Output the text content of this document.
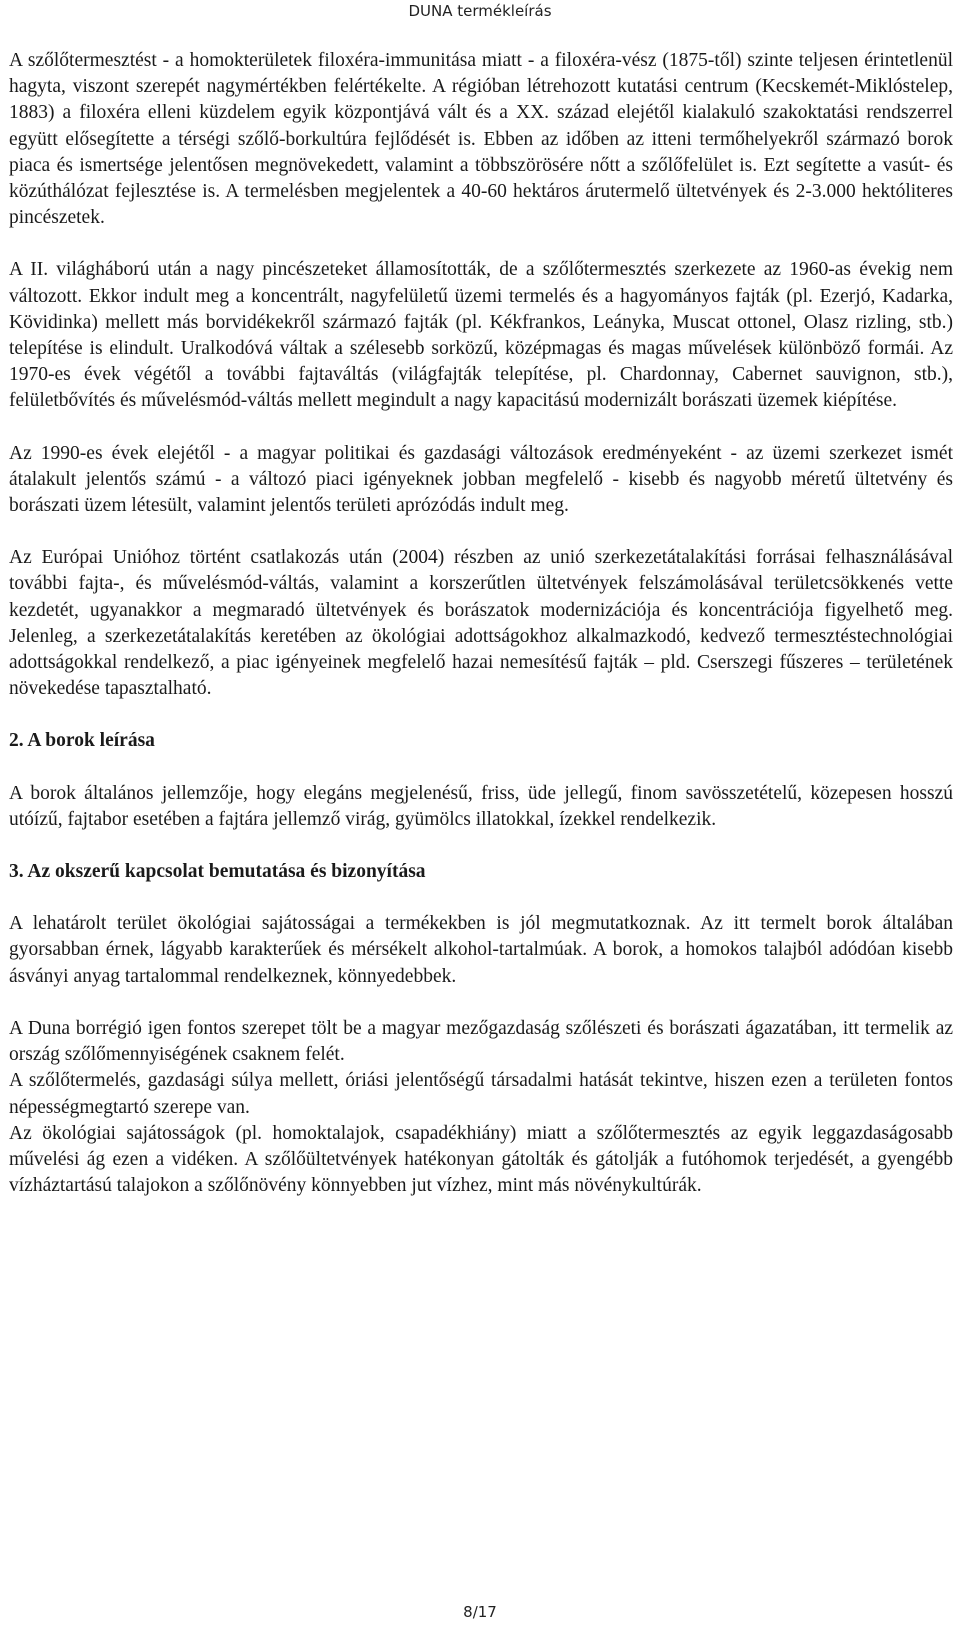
DUNA termékleírás

A szőlőtermesztést - a homokterületek filoxéra-immunitása miatt - a filoxéra-vész (1875-től) szinte teljesen érintetlenül hagyta, viszont szerepét nagymértékben felértékelte. A régióban létrehozott kutatási centrum (Kecskemét-Miklóstelep, 1883) a filoxéra elleni küzdelem egyik központjává vált és a XX. század elejétől kialakuló szakoktatási rendszerrel együtt elősegítette a térségi szőlő-borkultúra fejlődését is. Ebben az időben az itteni termőhelyekről származó borok piaca és ismertsége jelentősen megnövekedett, valamint a többszörösére nőtt a szőlőfelület is. Ezt segítette a vasút- és közúthálózat fejlesztése is. A termelésben megjelentek a 40-60 hektáros árutermelő ültetvények és 2-3.000 hektóliteres pincészetek.

A II. világháború után a nagy pincészeteket államosították, de a szőlőtermesztés szerkezete az 1960-as évekig nem változott. Ekkor indult meg a koncentrált, nagyfelületű üzemi termelés és a hagyományos fajták (pl. Ezerjó, Kadarka, Kövidinka) mellett más borvidékekről származó fajták (pl. Kékfrankos, Leányka, Muscat ottonel, Olasz rizling, stb.) telepítése is elindult. Uralkodóvá váltak a szélesebb sorközű, középmagas és magas művelések különböző formái. Az 1970-es évek végétől a további fajtaváltás (világfajták telepítése, pl. Chardonnay, Cabernet sauvignon, stb.), felületbővítés és művelésmód-váltás mellett megindult a nagy kapacitású modernizált borászati üzemek kiépítése.

Az 1990-es évek elejétől - a magyar politikai és gazdasági változások eredményeként - az üzemi szerkezet ismét átalakult jelentős számú - a változó piaci igényeknek jobban megfelelő - kisebb és nagyobb méretű ültetvény és borászati üzem létesült, valamint jelentős területi aprózódás indult meg.

Az Európai Unióhoz történt csatlakozás után (2004) részben az unió szerkezetátalakítási forrásai felhasználásával további fajta-, és művelésmód-váltás, valamint a korszerűtlen ültetvények felszámolásával területcsökkenés vette kezdetét, ugyanakkor a megmaradó ültetvények és borászatok modernizációja és koncentrációja figyelhető meg. Jelenleg, a szerkezetátalakítás keretében az ökológiai adottságokhoz alkalmazkodó, kedvező termesztéstechnológiai adottságokkal rendelkező, a piac igényeinek megfelelő hazai nemesítésű fajták – pld. Cserszegi fűszeres – területének növekedése tapasztalható.

2. A borok leírása

A borok általános jellemzője, hogy elegáns megjelenésű, friss, üde jellegű, finom savösszetételű, közepesen hosszú utóízű, fajtabor esetében a fajtára jellemző virág, gyümölcs illatokkal, ízekkel rendelkezik.

3. Az okszerű kapcsolat bemutatása és bizonyítása

A lehatárolt terület ökológiai sajátosságai a termékekben is jól megmutatkoznak. Az itt termelt borok általában gyorsabban érnek, lágyabb karakterűek és mérsékelt alkohol-tartalmúak. A borok, a homokos talajból adódóan kisebb ásványi anyag tartalommal rendelkeznek, könnyedebbek.

A Duna borrégió igen fontos szerepet tölt be a magyar mezőgazdaság szőlészeti és borászati ágazatában, itt termelik az ország szőlőmennyiségének csaknem felét.

A szőlőtermelés, gazdasági súlya mellett, óriási jelentőségű társadalmi hatását tekintve, hiszen ezen a területen fontos népességmegtartó szerepe van.

Az ökológiai sajátosságok (pl. homoktalajok, csapadékhiány) miatt a szőlőtermesztés az egyik leggazdaságosabb művelési ág ezen a vidéken. A szőlőültetvények hatékonyan gátolták és gátolják a futóhomok terjedését, a gyengébb vízháztartású talajokon a szőlőnövény könnyebben jut vízhez, mint más növénykultúrák.

8/17
